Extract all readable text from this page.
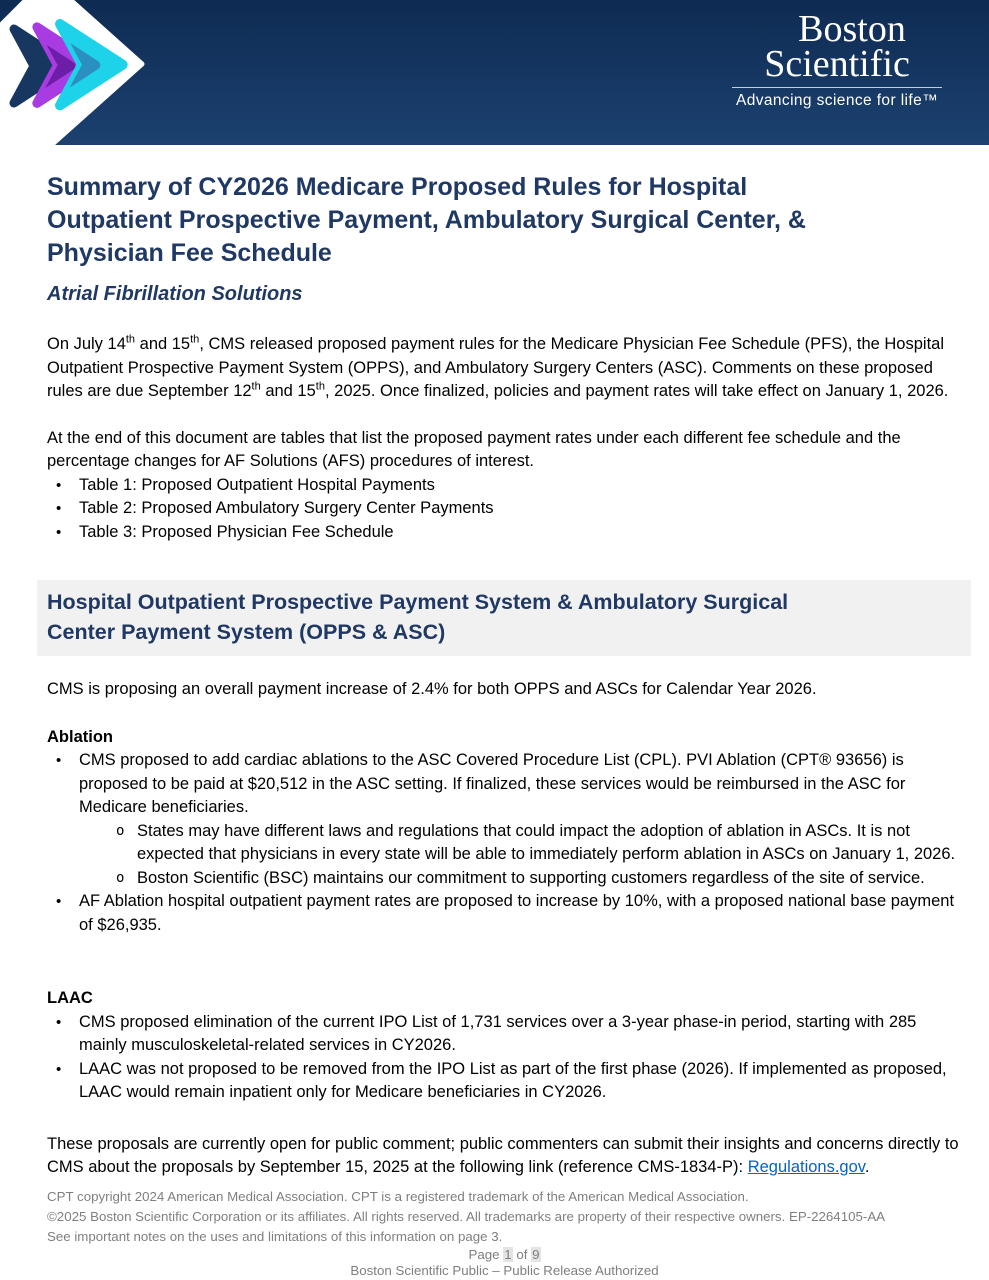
Boston
Scientific
Advancing science for life™
Summary of CY2026 Medicare Proposed Rules for Hospital
Outpatient Prospective Payment, Ambulatory Surgical Center, &
Physician Fee Schedule
Atrial Fibrillation Solutions

On July 14th and 15th, CMS released proposed payment rules for the Medicare Physician Fee Schedule (PFS), the Hospital Outpatient Prospective Payment System (OPPS), and Ambulatory Surgery Centers (ASC). Comments on these proposed rules are due September 12th and 15th, 2025. Once finalized, policies and payment rates will take effect on January 1, 2026.

At the end of this document are tables that list the proposed payment rates under each different fee schedule and the percentage changes for AF Solutions (AFS) procedures of interest.

•	Table 1: Proposed Outpatient Hospital Payments
•	Table 2: Proposed Ambulatory Surgery Center Payments
•	Table 3: Proposed Physician Fee Schedule
Hospital Outpatient Prospective Payment System & Ambulatory Surgical
Center Payment System (OPPS & ASC)

CMS is proposing an overall payment increase of 2.4% for both OPPS and ASCs for Calendar Year 2026.

Ablation
•	CMS proposed to add cardiac ablations to the ASC Covered Procedure List (CPL). PVI Ablation (CPT® 93656) is proposed to be paid at $20,512 in the ASC setting. If finalized, these services would be reimbursed in the ASC for Medicare beneficiaries.
o States may have different laws and regulations that could impact the adoption of ablation in ASCs. It is not expected that physicians in every state will be able to immediately perform ablation in ASCs on January 1, 2026.
o Boston Scientific (BSC) maintains our commitment to supporting customers regardless of the site of service.
•	AF Ablation hospital outpatient payment rates are proposed to increase by 10%, with a proposed national base payment of $26,935.
LAAC
•	CMS proposed elimination of the current IPO List of 1,731 services over a 3-year phase-in period, starting with 285 mainly musculoskeletal-related services in CY2026.
•	LAAC was not proposed to be removed from the IPO List as part of the first phase (2026). If implemented as proposed, LAAC would remain inpatient only for Medicare beneficiaries in CY2026.

These proposals are currently open for public comment; public commenters can submit their insights and concerns directly to CMS about the proposals by September 15, 2025 at the following link (reference CMS-1834-P): Regulations.gov.

CPT copyright 2024 American Medical Association. CPT is a registered trademark of the American Medical Association.
©2025 Boston Scientific Corporation or its affiliates. All rights reserved. All trademarks are property of their respective owners. EP-2264105-AA
See important notes on the uses and limitations of this information on page 3.
Page 1 of 9
Boston Scientific Public – Public Release Authorized
